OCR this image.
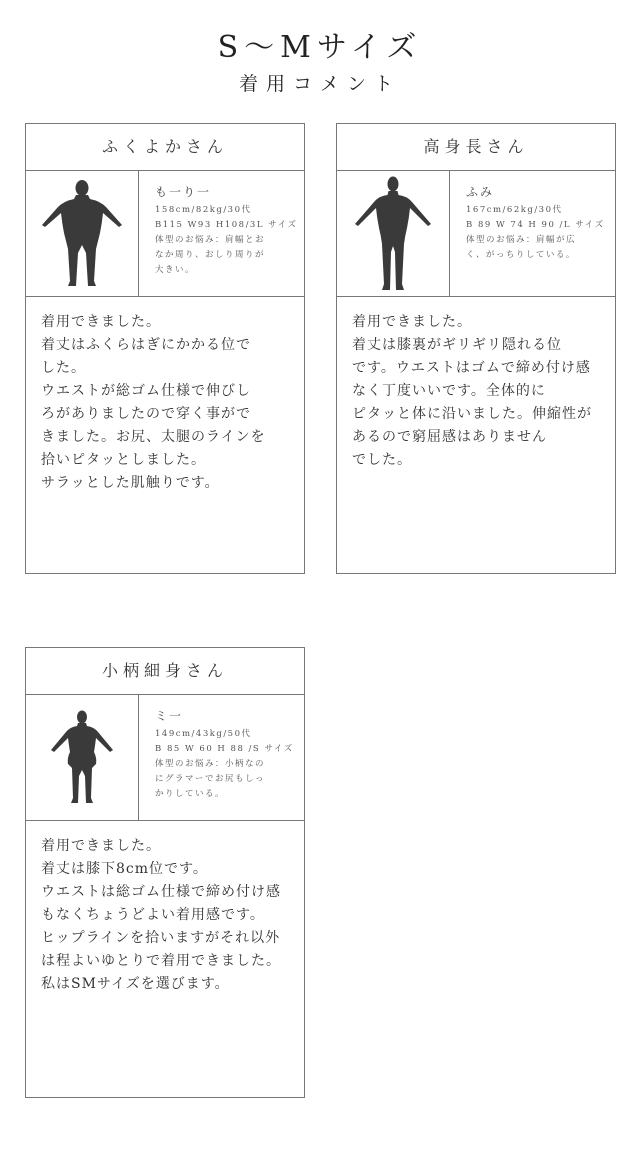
S～Mサイズ
着用コメント
ふくよかさん
も一り一
158cm/82kg/30代
B115 W93 H108/3L サイズ
体型のお悩み：肩幅とおなか周り、おしり周りが大きい。

着用できました。

着丈はふくらはぎにかかる位で

した。

ウエストが総ゴム仕様で伸びし

ろがありましたので穿く事がで

きました。お尻、太腿のラインを

拾いピタッとしました。

サラッとした肌触りです。

高身長さん
ふみ
167cm/62kg/30代
B 89 W 74 H 90 /L サイズ
体型のお悩み：肩幅が広く、がっちりしている。

着用できました。

着丈は膝裏がギリギリ隠れる位

です。ウエストはゴムで締め付け感

なく丁度いいです。全体的に

ピタッと体に沿いました。伸縮性が

あるので窮屈感はありません

でした。

小柄細身さん
ミ一
149cm/43kg/50代
B 85 W 60 H 88 /S サイズ
体型のお悩み：小柄なのにグラマーでお尻もしっかりしている。

着用できました。

着丈は膝下8cm位です。

ウエストは総ゴム仕様で締め付け感

もなくちょうどよい着用感です。

ヒップラインを拾いますがそれ以外

は程よいゆとりで着用できました。

私はSMサイズを選びます。
